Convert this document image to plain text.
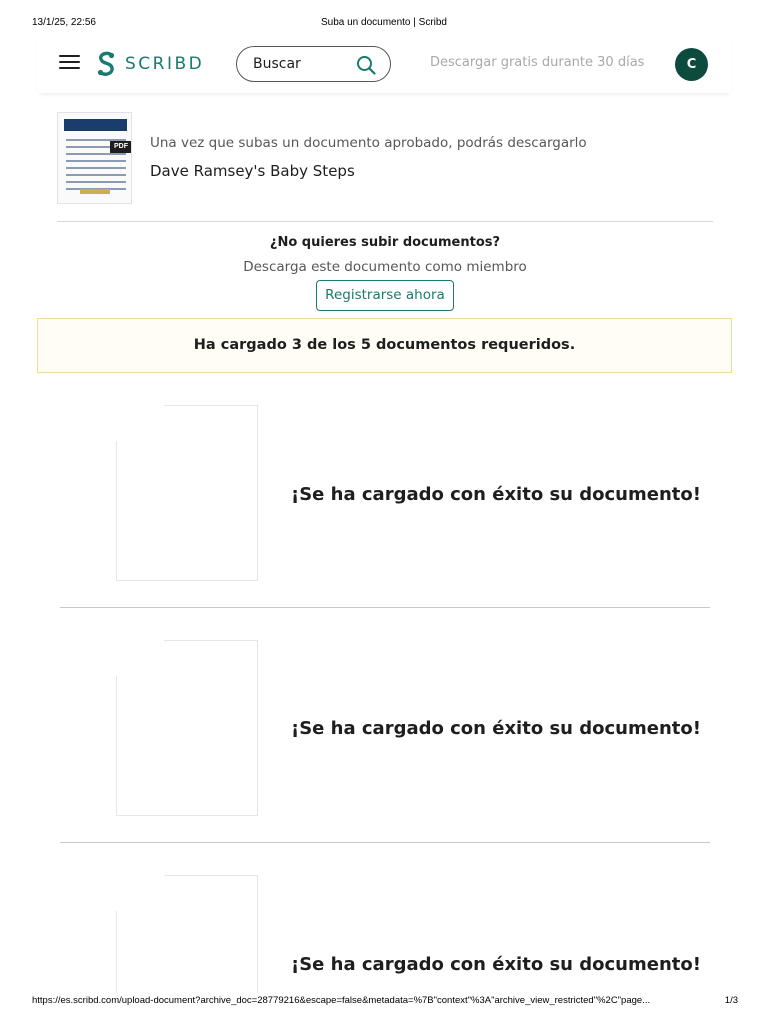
13/1/25, 22:56	Suba un documento | Scribd
SCRIBD	Buscar	Descargar gratis durante 30 días	C
PDF Una vez que subas un documento aprobado, podrás descargarlo
Dave Ramsey's Baby Steps
¿No quieres subir documentos?
Descarga este documento como miembro
Registrarse ahora
Ha cargado 3 de los 5 documentos requeridos.
¡Se ha cargado con éxito su documento!
¡Se ha cargado con éxito su documento!
¡Se ha cargado con éxito su documento!
https://es.scribd.com/upload-document?archive_doc=28779216&escape=false&metadata=%7B"context"%3A"archive_view_restricted"%2C"page...	1/3
